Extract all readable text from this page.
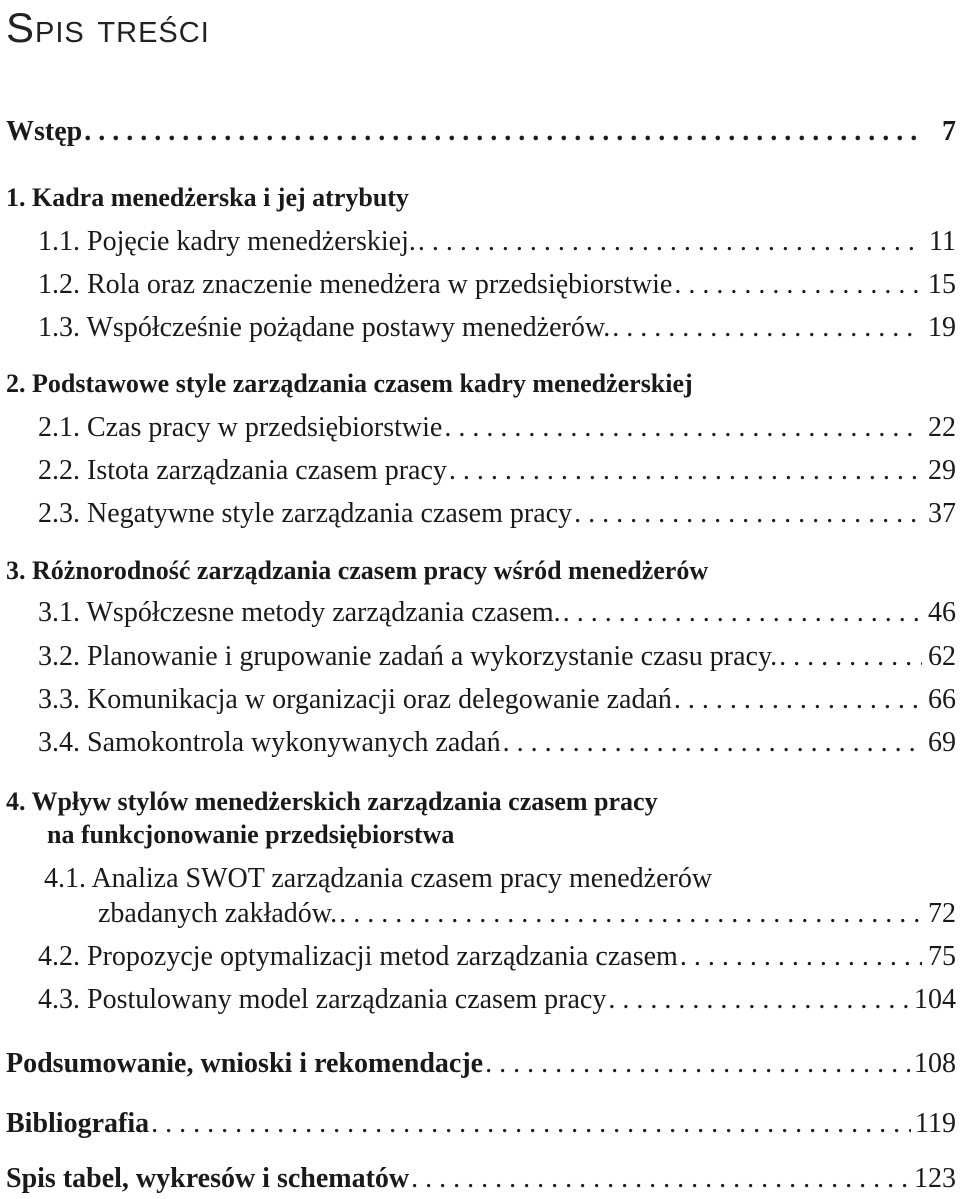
Spis treści
Wstęp . . .	7
1. Kadra menedżerska i jej atrybuty
1.1. Pojęcie kadry menedżerskiej. . . .	11
1.2. Rola oraz znaczenie menedżera w przedsiębiorstwie . . .	15
1.3. Współcześnie pożądane postawy menedżerów. . . .	19
2. Podstawowe style zarządzania czasem kadry menedżerskiej
2.1. Czas pracy w przedsiębiorstwie . . .	22
2.2. Istota zarządzania czasem pracy . . .	29
2.3. Negatywne style zarządzania czasem pracy . . .	37
3. Różnorodność zarządzania czasem pracy wśród menedżerów
3.1. Współczesne metody zarządzania czasem. . . .	46
3.2. Planowanie i grupowanie zadań a wykorzystanie czasu pracy. . . .	62
3.3. Komunikacja w organizacji oraz delegowanie zadań . . .	66
3.4. Samokontrola wykonywanych zadań . . .	69
4. Wpływ stylów menedżerskich zarządzania czasem pracy
na funkcjonowanie przedsiębiorstwa
4.1. Analiza SWOT zarządzania czasem pracy menedżerów
zbadanych zakładów. . . .	72
4.2. Propozycje optymalizacji metod zarządzania czasem . . .	75
4.3. Postulowany model zarządzania czasem pracy . . .	104
Podsumowanie, wnioski i rekomendacje . . .	108
Bibliografia . . .	119
Spis tabel, wykresów i schematów . . .	123
